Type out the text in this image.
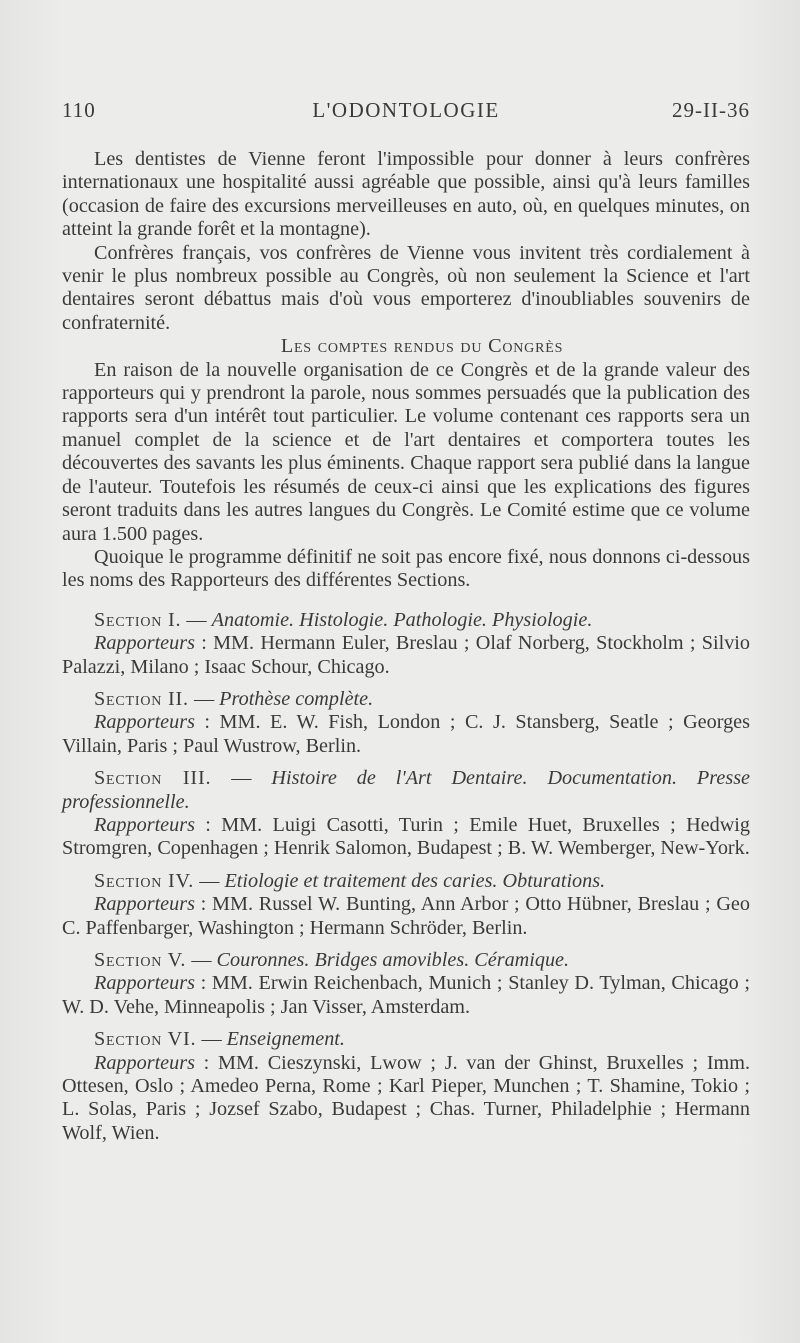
110	L'ODONTOLOGIE	29-II-36

Les dentistes de Vienne feront l'impossible pour donner à leurs confrères internationaux une hospitalité aussi agréable que possible, ainsi qu'à leurs familles (occasion de faire des excursions merveilleuses en auto, où, en quelques minutes, on atteint la grande forêt et la montagne).

Confrères français, vos confrères de Vienne vous invitent très cordialement à venir le plus nombreux possible au Congrès, où non seulement la Science et l'art dentaires seront débattus mais d'où vous emporterez d'inoubliables souvenirs de confraternité.

Les comptes rendus du Congrès

En raison de la nouvelle organisation de ce Congrès et de la grande valeur des rapporteurs qui y prendront la parole, nous sommes persuadés que la publication des rapports sera d'un intérêt tout particulier. Le volume contenant ces rapports sera un manuel complet de la science et de l'art dentaires et comportera toutes les découvertes des savants les plus éminents. Chaque rapport sera publié dans la langue de l'auteur. Toutefois les résumés de ceux-ci ainsi que les explications des figures seront traduits dans les autres langues du Congrès. Le Comité estime que ce volume aura 1.500 pages.

Quoique le programme définitif ne soit pas encore fixé, nous donnons ci-dessous les noms des Rapporteurs des différentes Sections.

Section I. — Anatomie. Histologie. Pathologie. Physiologie.

Rapporteurs : MM. Hermann Euler, Breslau ; Olaf Norberg, Stockholm ; Silvio Palazzi, Milano ; Isaac Schour, Chicago.

Section II. — Prothèse complète.

Rapporteurs : MM. E. W. Fish, London ; C. J. Stansberg, Seatle ; Georges Villain, Paris ; Paul Wustrow, Berlin.

Section III. — Histoire de l'Art Dentaire. Documentation. Presse professionnelle.

Rapporteurs : MM. Luigi Casotti, Turin ; Emile Huet, Bruxelles ; Hedwig Stromgren, Copenhagen ; Henrik Salomon, Budapest ; B. W. Wemberger, New-York.

Section IV. — Etiologie et traitement des caries. Obturations.

Rapporteurs : MM. Russel W. Bunting, Ann Arbor ; Otto Hübner, Breslau ; Geo C. Paffenbarger, Washington ; Hermann Schröder, Berlin.

Section V. — Couronnes. Bridges amovibles. Céramique.

Rapporteurs : MM. Erwin Reichenbach, Munich ; Stanley D. Tylman, Chicago ; W. D. Vehe, Minneapolis ; Jan Visser, Amsterdam.

Section VI. — Enseignement.

Rapporteurs : MM. Cieszynski, Lwow ; J. van der Ghinst, Bruxelles ; Imm. Ottesen, Oslo ; Amedeo Perna, Rome ; Karl Pieper, Munchen ; T. Shamine, Tokio ; L. Solas, Paris ; Jozsef Szabo, Budapest ; Chas. Turner, Philadelphie ; Hermann Wolf, Wien.
